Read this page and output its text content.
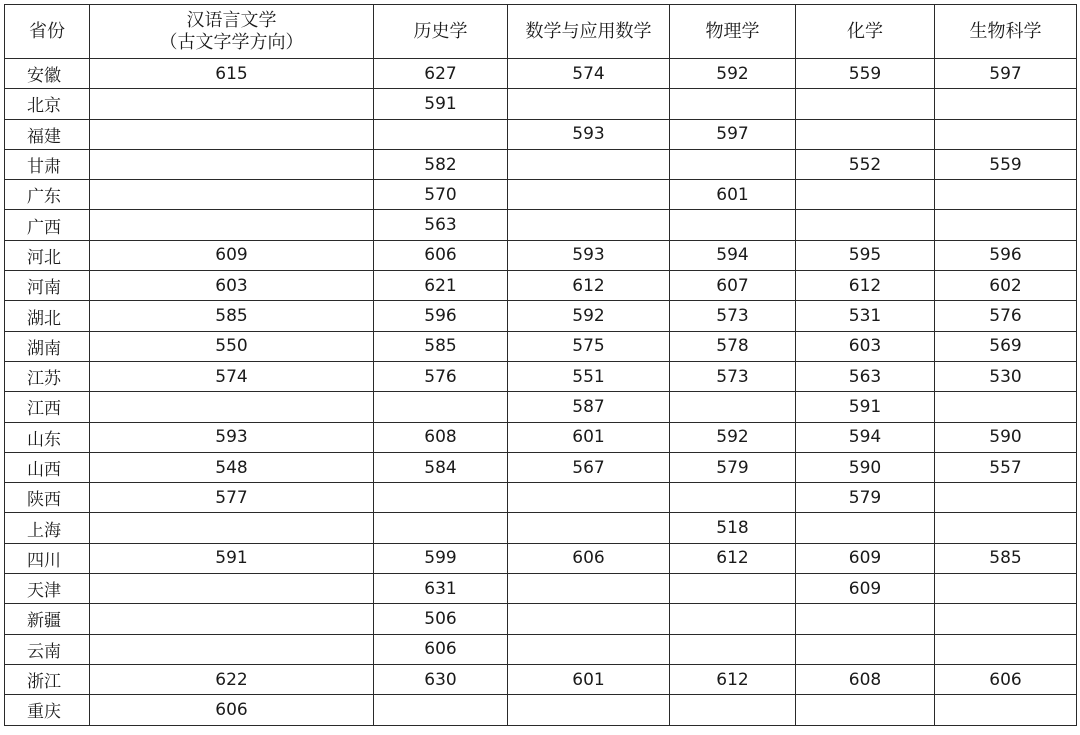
省份	汉语言文学
（古文字学方向）	历史学	数学与应用数学	物理学	化学	生物科学

安徽	615	627	574	592	559	597
北京		591				
福建			593	597		
甘肃		582			552	559
广东		570		601		
广西		563				
河北	609	606	593	594	595	596
河南	603	621	612	607	612	602
湖北	585	596	592	573	531	576
湖南	550	585	575	578	603	569
江苏	574	576	551	573	563	530
江西			587		591	
山东	593	608	601	592	594	590
山西	548	584	567	579	590	557
陕西	577				579	
上海				518		
四川	591	599	606	612	609	585
天津		631			609	
新疆		506				
云南		606				
浙江	622	630	601	612	608	606
重庆	606					
